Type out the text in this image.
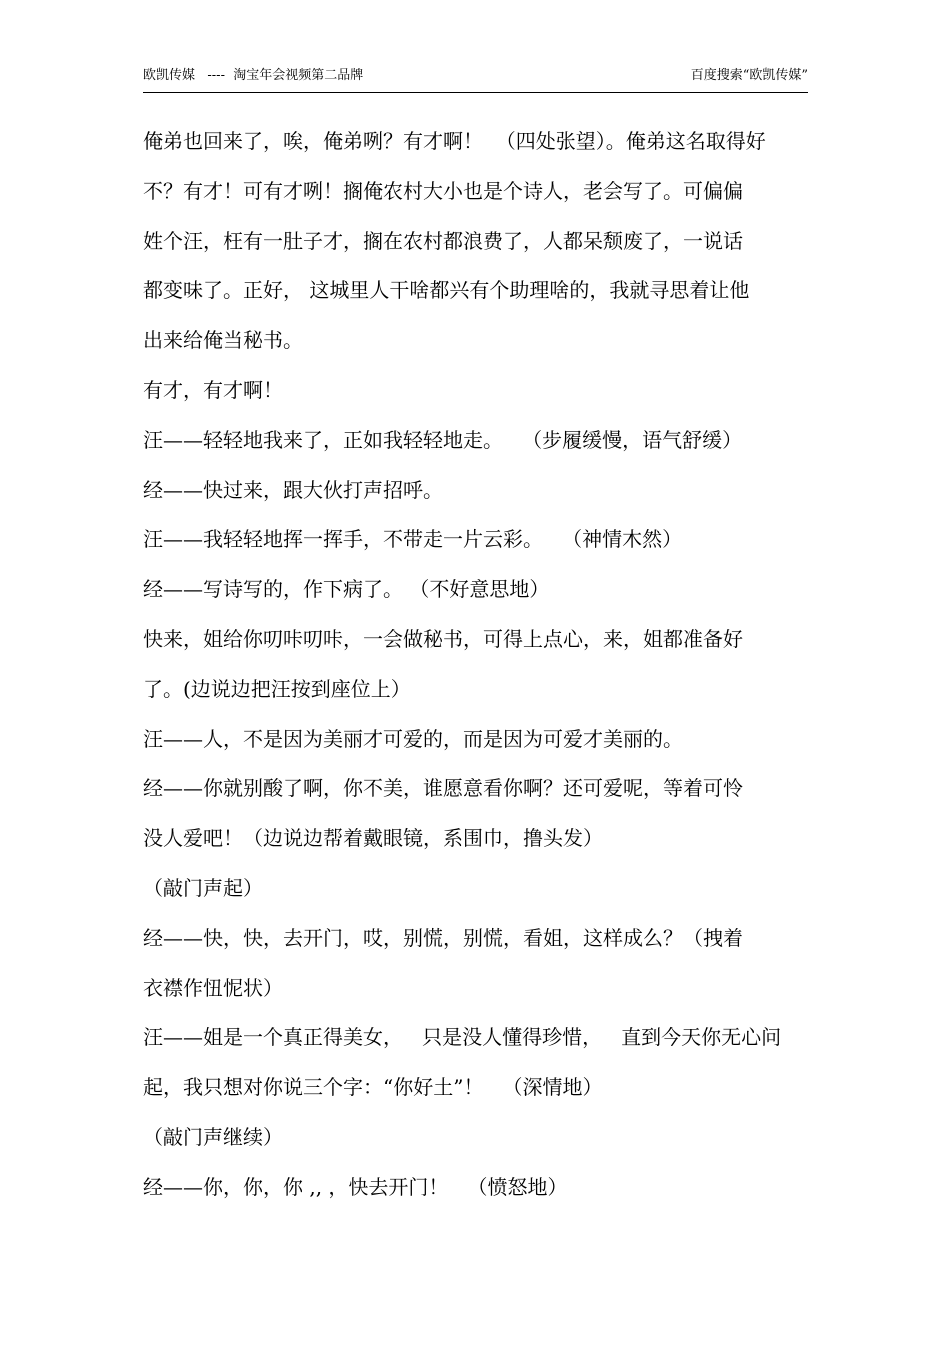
欧凯传媒   ----  淘宝年会视频第二品牌	百度搜索“欧凯传媒”
俺弟也回来了，唉，俺弟咧？有才啊！  （四处张望）。俺弟这名取得好
不？有才！可有才咧！搁俺农村大小也是个诗人，老会写了。可偏偏
姓个汪，枉有一肚子才，搁在农村都浪费了，人都呆颓废了，一说话
都变味了。正好， 这城里人干啥都兴有个助理啥的，我就寻思着让他
出来给俺当秘书。
有才，有才啊！
汪——轻轻地我来了，正如我轻轻地走。   （步履缓慢，语气舒缓）
经——快过来，跟大伙打声招呼。
汪——我轻轻地挥一挥手，不带走一片云彩。   （神情木然）
经——写诗写的，作下病了。 （不好意思地）
快来，姐给你叨咔叨咔，一会做秘书，可得上点心，来，姐都准备好
了。(边说边把汪按到座位上）
汪——人，不是因为美丽才可爱的，而是因为可爱才美丽的。
经——你就别酸了啊，你不美，谁愿意看你啊？还可爱呢，等着可怜
没人爱吧！（边说边帮着戴眼镜，系围巾，撸头发）
（敲门声起）
经——快，快，去开门，哎，别慌，别慌，看姐，这样成么？（拽着
衣襟作忸怩状）
汪——姐是一个真正得美女，   只是没人懂得珍惜，   直到今天你无心问
起，我只想对你说三个字：“你好土”！   （深情地）
（敲门声继续）
经——你，你，你 ,, ，快去开门！   （愤怒地）
